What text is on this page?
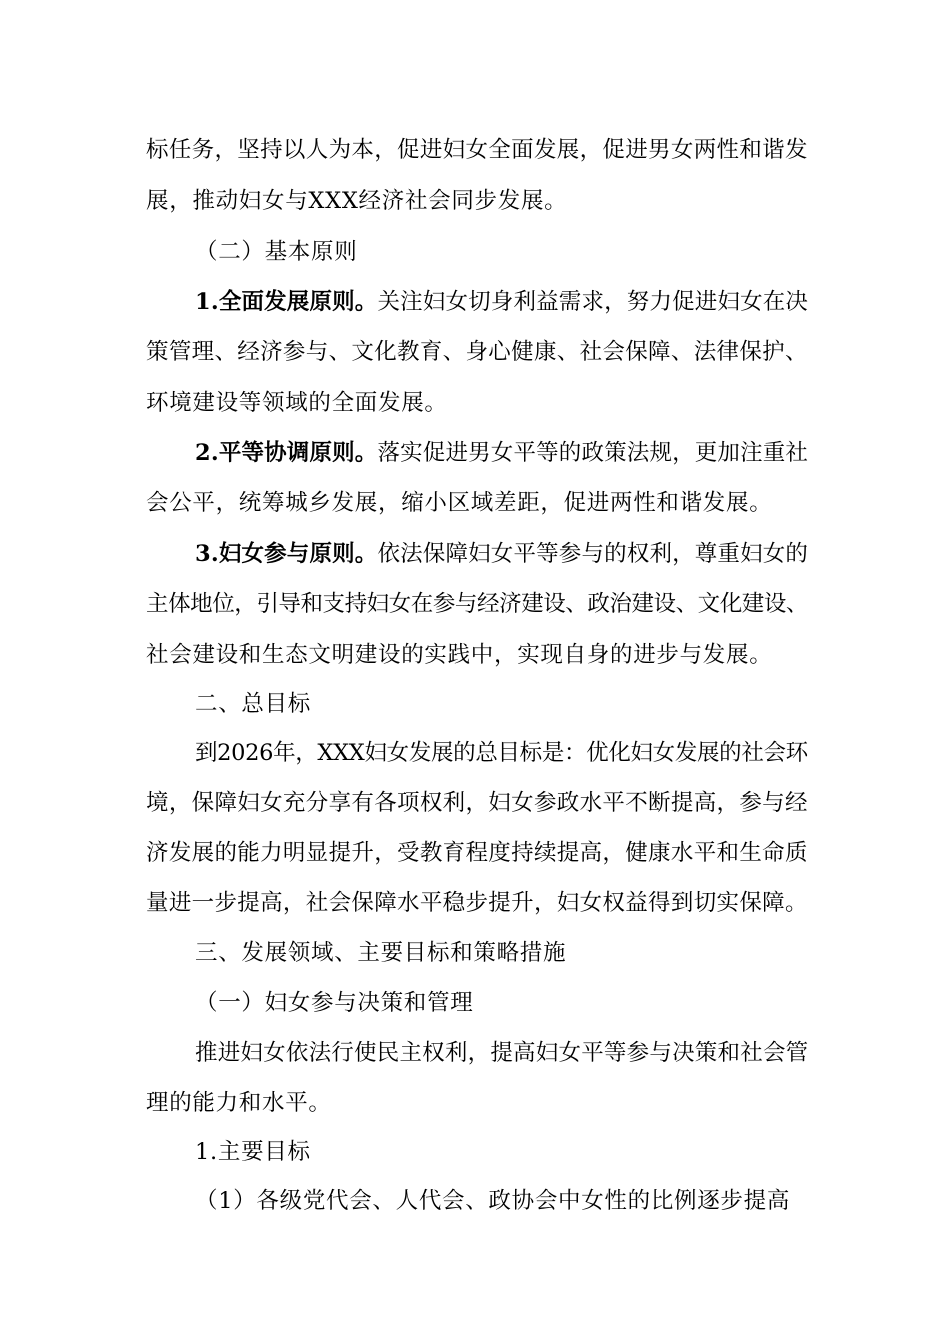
标任务，坚持以人为本，促进妇女全面发展，促进男女两性和谐发
展，推动妇女与XXX经济社会同步发展。
（二）基本原则
1.全面发展原则。关注妇女切身利益需求，努力促进妇女在决
策管理、经济参与、文化教育、身心健康、社会保障、法律保护、
环境建设等领域的全面发展。
2.平等协调原则。落实促进男女平等的政策法规，更加注重社
会公平，统筹城乡发展，缩小区域差距，促进两性和谐发展。
3.妇女参与原则。依法保障妇女平等参与的权利，尊重妇女的
主体地位，引导和支持妇女在参与经济建设、政治建设、文化建设、
社会建设和生态文明建设的实践中，实现自身的进步与发展。
二、总目标
到2026年，XXX妇女发展的总目标是：优化妇女发展的社会环
境，保障妇女充分享有各项权利，妇女参政水平不断提高，参与经
济发展的能力明显提升，受教育程度持续提高，健康水平和生命质
量进一步提高，社会保障水平稳步提升，妇女权益得到切实保障。
三、发展领域、主要目标和策略措施
（一）妇女参与决策和管理
推进妇女依法行使民主权利，提高妇女平等参与决策和社会管
理的能力和水平。
1.主要目标
（1）各级党代会、人代会、政协会中女性的比例逐步提高
